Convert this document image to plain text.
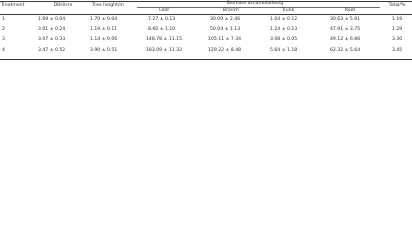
Treatment	DBH/cm	Tree height/m	Biomass accumulation/g	Total/%
Leaf	Branch	Trunk	Root
1	1.69 ± 0.04	1.70 ± 0.04	7.27 ± 0.13	30.09 ± 2.46	1.04 ± 0.12	30.63 ± 5.91	1.19
2	3.01 ± 0.24	1.19 ± 0.11	8.60 ± 1.10	50.04 ± 1.13	1.24 ± 0.13	47.91 ± 3.75	1.29
3	3.07 ± 0.33	1.14 ± 0.06	148.78 ± 11.15	105.11 ± 7.34	3.08 ± 0.05	49.12 ± 6.86	3.30
4	3.47 ± 0.52	3.90 ± 0.51	183.09 ± 11.32	129.22 ± 8.48	5.64 ± 1.18	62.32 ± 5.64	3.45
